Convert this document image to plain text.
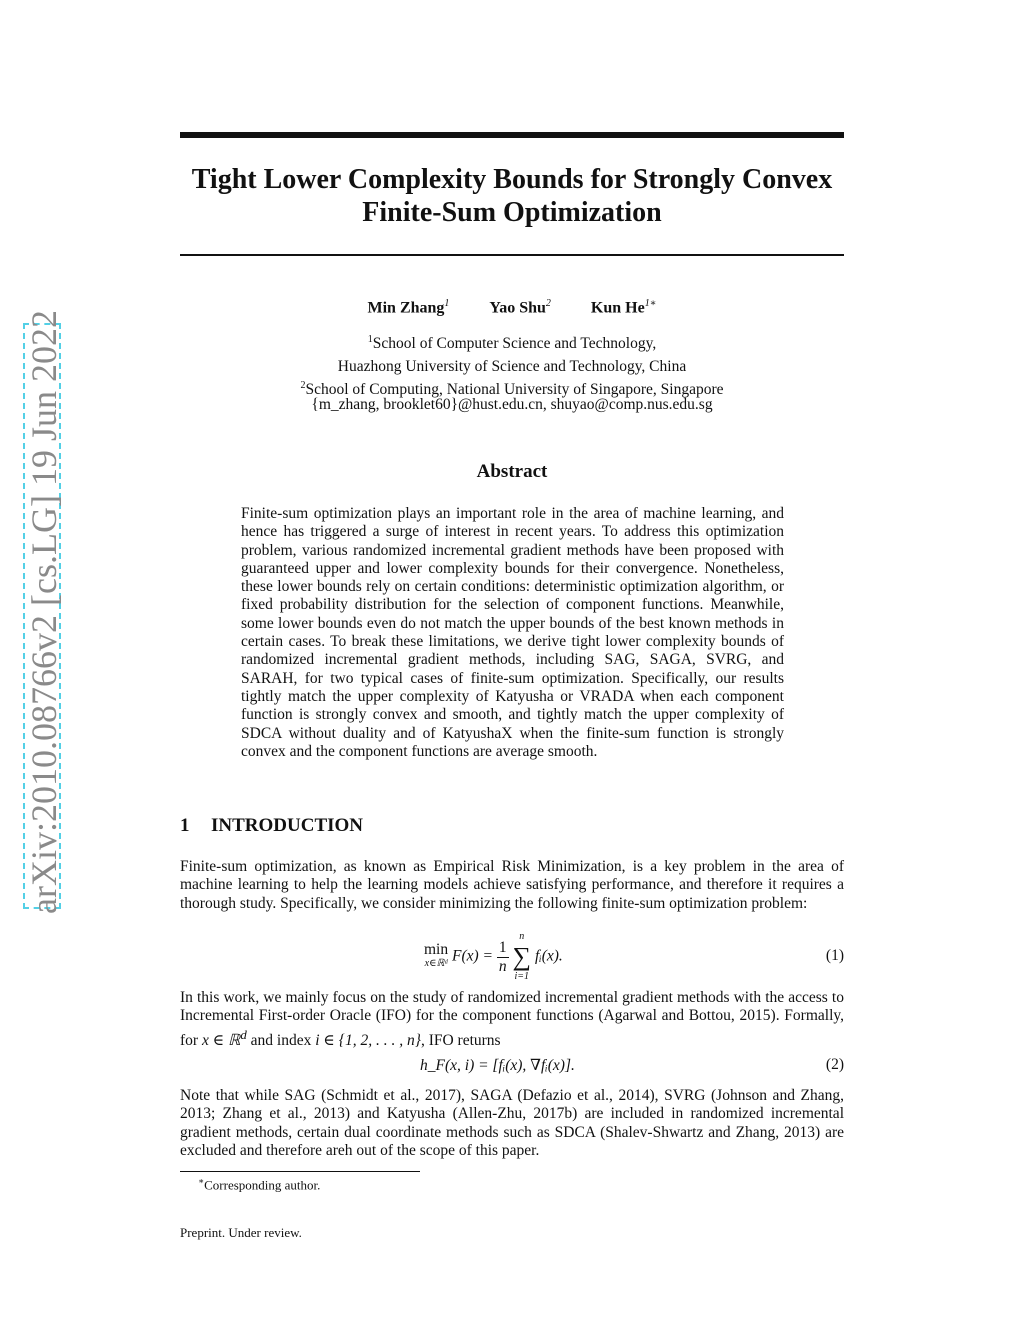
arXiv:2010.08766v2 [cs.LG] 19 Jun 2022
Tight Lower Complexity Bounds for Strongly Convex Finite-Sum Optimization
Min Zhang$^1$	Yao Shu$^2$	Kun $He^{1∗}$
$^1$School of Computer Science and Technology,
Huazhong University of Science and Technology, China
$^2$School of Computing, National University of Singapore, Singapore
{m_zhang, brooklet60}@hust.edu.cn, shuyao@comp.nus.edu.sg
Abstract
Finite-sum optimization plays an important role in the area of machine learning, and hence has triggered a surge of interest in recent years. To address this optimization problem, various randomized incremental gradient methods have been proposed with guaranteed upper and lower complexity bounds for their convergence. Nonetheless, these lower bounds rely on certain conditions: deterministic optimization algorithm, or fixed probability distribution for the selection of component functions. Meanwhile, some lower bounds even do not match the upper bounds of the best known methods in certain cases. To break these limitations, we derive tight lower complexity bounds of randomized incremental gradient methods, including SAG, SAGA, SVRG, and SARAH, for two typical cases of finite-sum optimization. Specifically, our results tightly match the upper complexity of Katyusha or VRADA when each component function is strongly convex and smooth, and tightly match the upper complexity of SDCA without duality and of KatyushaX when the finite-sum function is strongly convex and the component functions are average smooth.
1 INTRODUCTION
Finite-sum optimization, as known as Empirical Risk Minimization, is a key problem in the area of machine learning to help the learning models achieve satisfying performance, and therefore it requires a thorough study. Specifically, we consider minimizing the following finite-sum optimization problem:
min
x∈ℝᵈ $F(x) = \frac{1}{n}$

n
∑
i=1
fᵢ(x).	(1)
In this work, we mainly focus on the study of randomized incremental gradient methods with the access to Incremental First-order Oracle (IFO) for the component functions (Agarwal and Bottou, 2015). Formally, for x ∈ ℝ$^d$ and index i ∈ {1, 2, . . . , n}, IFO returns
h_F(x, i) = [fᵢ(x), ∇fᵢ(x)].	(2)
Note that while SAG (Schmidt et al., 2017), SAGA (Defazio et al., 2014), SVRG (Johnson and Zhang, 2013; Zhang et al., 2013) and Katyusha (Allen-Zhu, 2017b) are included in randomized incremental gradient methods, certain dual coordinate methods such as SDCA (Shalev-Shwartz and Zhang, 2013) are excluded and therefore areh out of the scope of this paper.
∗Corresponding author.
Preprint. Under review.
